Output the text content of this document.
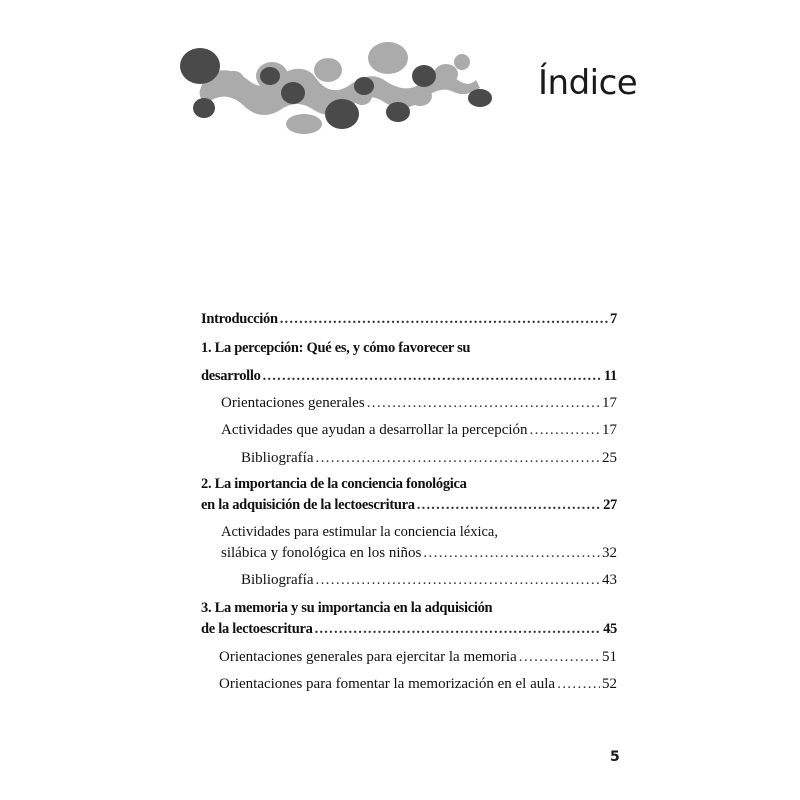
Índice
Introducción . . .	7
1. La percepción: Qué es, y cómo favorecer su
desarrollo . . .	11
Orientaciones generales . . .	17
Actividades que ayudan a desarrollar la percepción . . .	17
Bibliografía . . .	25
2. La importancia de la conciencia fonológica
en la adquisición de la lectoescritura . . .	27
Actividades para estimular la conciencia léxica,
silábica y fonológica en los niños . . .	32
Bibliografía . . .	43
3. La memoria y su importancia en la adquisición
de la lectoescritura . . .	45
Orientaciones generales para ejercitar la memoria . . .	51
Orientaciones para fomentar la memorización en el aula . . .	52
5
